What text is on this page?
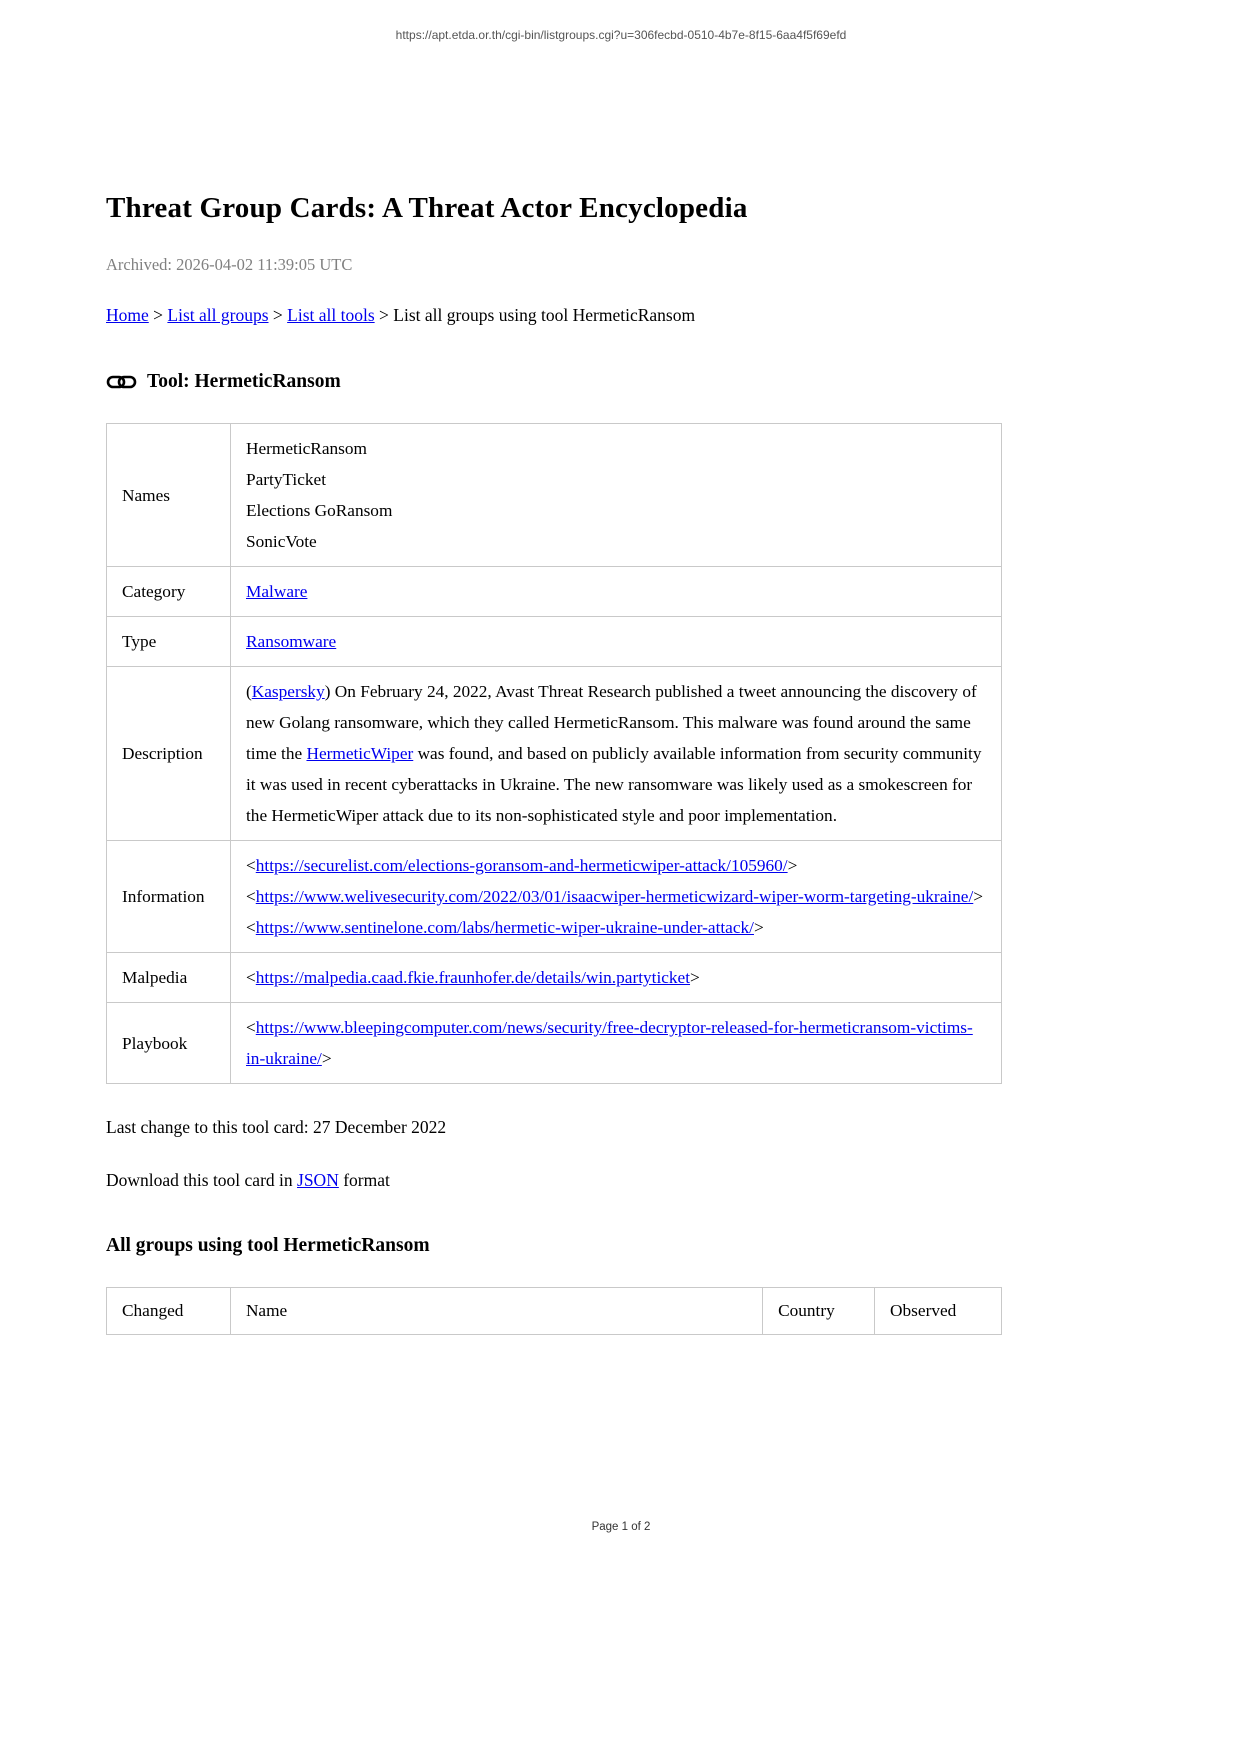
https://apt.etda.or.th/cgi-bin/listgroups.cgi?u=306fecbd-0510-4b7e-8f15-6aa4f5f69efd
Threat Group Cards: A Threat Actor Encyclopedia
Archived: 2026-04-02 11:39:05 UTC
Home > List all groups > List all tools > List all groups using tool HermeticRansom
Tool: HermeticRansom
Names	HermeticRansom
PartyTicket
Elections GoRansom
SonicVote

Category	Malware
Type	Ransomware
Description	(Kaspersky) On February 24, 2022, Avast Threat Research published a tweet announcing the discovery of new Golang ransomware, which they called HermeticRansom. This malware was found around the same time the HermeticWiper was found, and based on publicly available information from security community it was used in recent cyberattacks in Ukraine. The new ransomware was likely used as a smokescreen for the HermeticWiper attack due to its non-sophisticated style and poor implementation.
Information	<https://securelist.com/elections-goransom-and-hermeticwiper-attack/105960/>
<https://www.welivesecurity.com/2022/03/01/isaacwiper-hermeticwizard-wiper-worm-targeting-ukraine/>
<https://www.sentinelone.com/labs/hermetic-wiper-ukraine-under-attack/>

Malpedia	<https://malpedia.caad.fkie.fraunhofer.de/details/win.partyticket>

Playbook	<https://www.bleepingcomputer.com/news/security/free-decryptor-released-for-hermeticransom-victims-in-ukraine/>

Last change to this tool card: 27 December 2022

Download this tool card in JSON format

All groups using tool HermeticRansom
Changed	Name	Country	Observed
Page 1 of 2
